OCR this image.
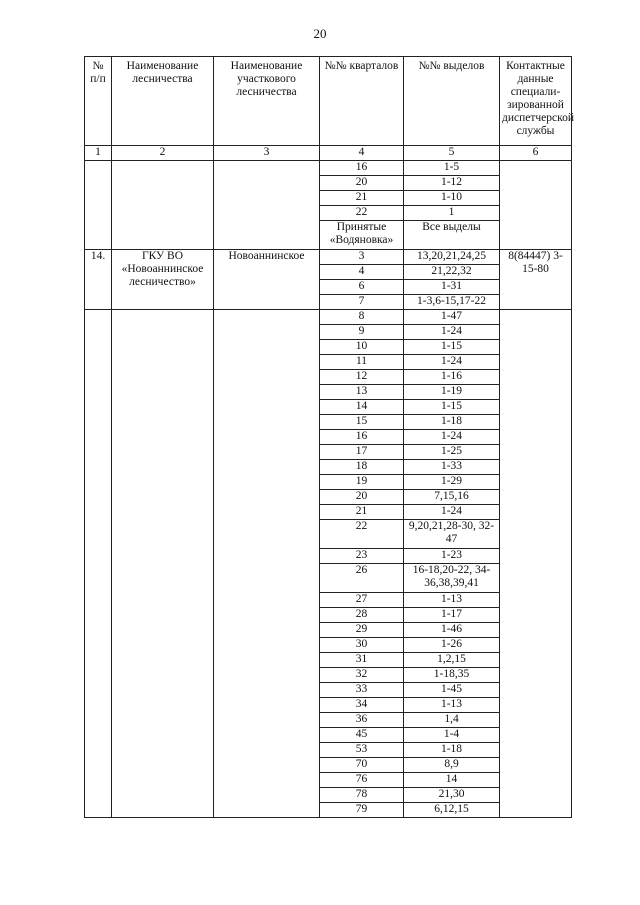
20
№ п/п	Наименование лесничества	Наименование участкового лесничества	№№ кварталов	№№ выделов	Контактные данные специали-зированной диспетчерской службы
1	2	3	4	5	6
			16	1-5	
			20	1-12	
			21	1-10	
			22	1	
			Принятые «Водяновка»	Все выделы	
14.	ГКУ ВО «Новоаннинское лесничество»	Новоаннинское	3	13,20,21,24,25	8(84447) 3-15-80
			4	21,22,32	
			6	1-31	
			7	1-3,6-15,17-22	
			8	1-47	
			9	1-24	
			10	1-15	
			11	1-24	
			12	1-16	
			13	1-19	
			14	1-15	
			15	1-18	
			16	1-24	
			17	1-25	
			18	1-33	
			19	1-29	
			20	7,15,16	
			21	1-24	
			22	9,20,21,28-30, 32-47	
			23	1-23	
			26	16-18,20-22, 34-36,38,39,41	
			27	1-13	
			28	1-17	
			29	1-46	
			30	1-26	
			31	1,2,15	
			32	1-18,35	
			33	1-45	
			34	1-13	
			36	1,4	
			45	1-4	
			53	1-18	
			70	8,9	
			76	14	
			78	21,30	
			79	6,12,15	
